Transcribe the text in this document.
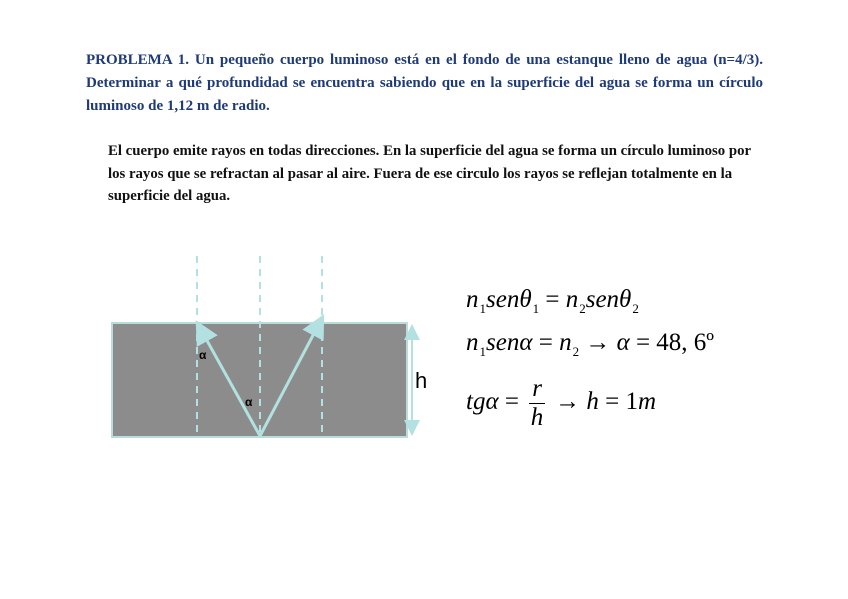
PROBLEMA 1. Un pequeño cuerpo luminoso está en el fondo de una estanque lleno de agua (n=4/3). Determinar a qué profundidad se encuentra sabiendo que en la superficie del agua se forma un círculo luminoso de 1,12 m de radio.
El cuerpo emite rayos en todas direcciones. En la superficie del agua se forma un círculo luminoso por los rayos que se refractan al pasar al aire. Fuera de ese circulo los rayos se reflejan totalmente en la superficie del agua.
α
α
h
$n_1sen\theta_1 = n_2sen\theta_2$
$n_1sen\alpha = n_2 \to \alpha = 48$, 6º
$tg\alpha = \frac{r}{h} \to h = 1m$
